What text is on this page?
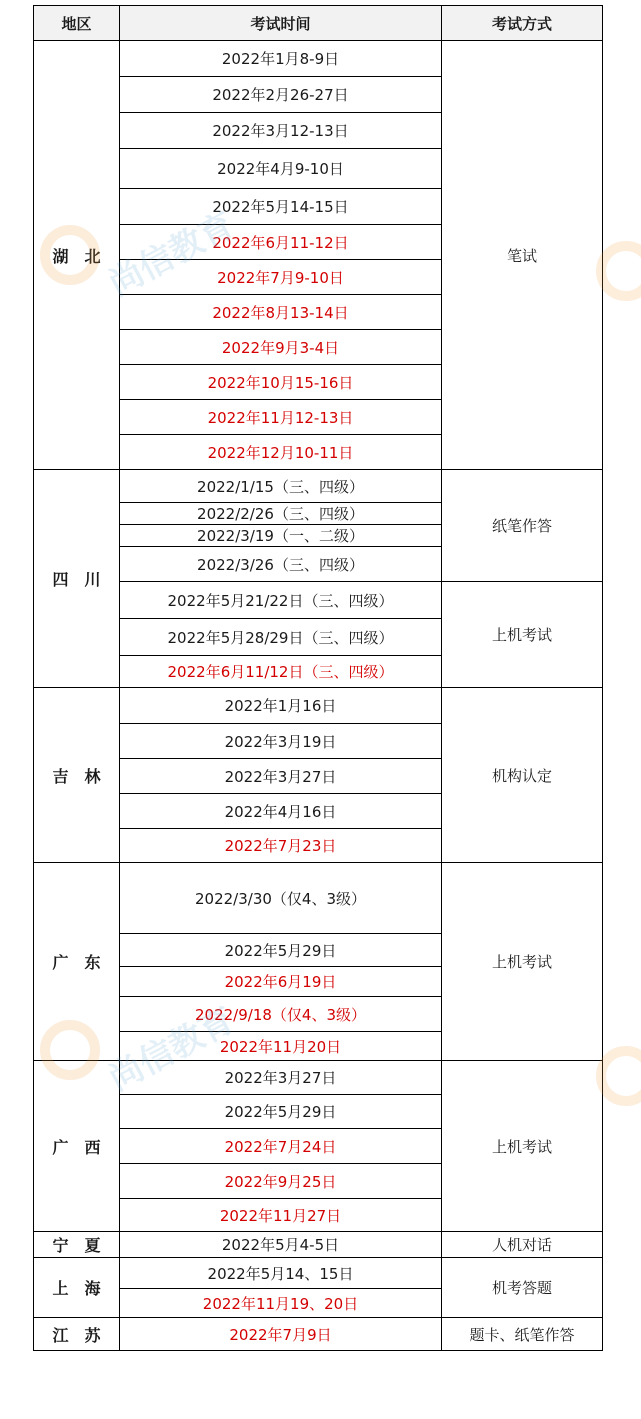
地区	考试时间	考试方式
湖　北	2022年1月8-9日	笔试
	2022年2月26-27日	
	2022年3月12-13日	
	2022年4月9-10日	
	2022年5月14-15日	
	2022年6月11-12日	
	2022年7月9-10日	
	2022年8月13-14日	
	2022年9月3-4日	
	2022年10月15-16日	
	2022年11月12-13日	
	2022年12月10-11日	
四　川	2022/1/15（三、四级）	纸笔作答
	2022/2/26（三、四级）	
	2022/3/19（一、二级）	
	2022/3/26（三、四级）	
	2022年5月21/22日（三、四级）	上机考试
	2022年5月28/29日（三、四级）	
	2022年6月11/12日（三、四级）	
吉　林	2022年1月16日	机构认定
	2022年3月19日	
	2022年3月27日	
	2022年4月16日	
	2022年7月23日	
广　东	2022/3/30（仅4、3级）	上机考试
	2022年5月29日	
	2022年6月19日	
	2022/9/18（仅4、3级）	
	2022年11月20日	
广　西	2022年3月27日	上机考试
	2022年5月29日	
	2022年7月24日	
	2022年9月25日	
	2022年11月27日	
宁　夏	2022年5月4-5日	人机对话
上　海	2022年5月14、15日	机考答题
	2022年11月19、20日	
江　苏	2022年7月9日	题卡、纸笔作答
尚信教育
尚信教育
